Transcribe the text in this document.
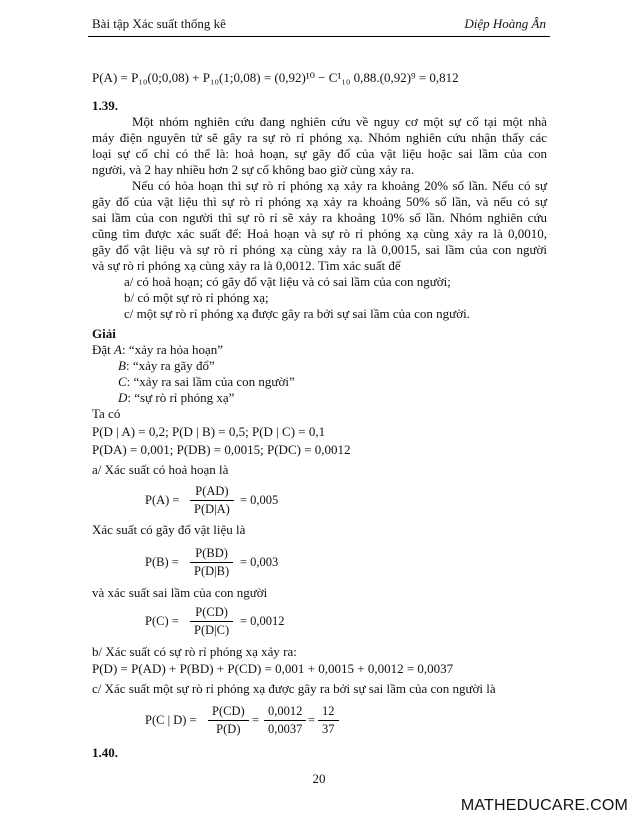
Bài tập Xác suất thống kê	Diệp Hoàng Ân
P(A) = P₁₀(0;0,08) + P₁₀(1;0,08) = (0,92)¹⁰ − C¹₁₀ 0,88.(0,92)⁹ = 0,812
1.39.
Một nhóm nghiên cứu đang nghiên cứu về nguy cơ một sự cố tại một nhà
máy điện nguyên tử sẽ gây ra sự rò rỉ phóng xạ. Nhóm nghiên cứu nhận thấy các
loại sự cố chỉ có thể là: hoả hoạn, sự gãy đổ của vật liệu hoặc sai lầm của con
người, và 2 hay nhiều hơn 2 sự cố không bao giờ cùng xảy ra.
Nếu có hỏa hoạn thì sự rò rỉ phóng xạ xảy ra khoảng 20% số lần. Nếu có sự
gãy đổ của vật liệu thì sự rò rỉ phóng xạ xảy ra khoảng 50% số lần, và nếu có sự
sai lầm của con người thì sự rò rỉ sẽ xảy ra khoảng 10% số lần. Nhóm nghiên cứu
cũng tìm được xác suất để: Hoả hoạn và sự rò rỉ phóng xạ cùng xảy ra là 0,0010,
gãy đổ vật liệu và sự rò rỉ phóng xạ cùng xảy ra là 0,0015, sai lầm của con người
và sự rò rỉ phóng xạ cùng xảy ra là 0,0012. Tìm xác suất để
a/ có hoả hoạn; có gãy đổ vật liệu và có sai lầm của con người;
b/ có một sự rò rỉ phóng xạ;
c/ một sự rò rỉ phóng xạ được gây ra bởi sự sai lầm của con người.
Giải
Đặt A: “xảy ra hỏa hoạn”
B: “xảy ra gãy đổ”
C: “xảy ra sai lầm của con người”
D: “sự rò rỉ phóng xạ”
Ta có
P(D | A) = 0,2; P(D | B) = 0,5; P(D | C) = 0,1
P(DA) = 0,001; P(DB) = 0,0015; P(DC) = 0,0012
a/ Xác suất có hoả hoạn là
$P(A) = \frac{P(AD)}{P(D|A)} = 0,005$
Xác suất có gãy đổ vật liệu là
$P(B) = \frac{P(BD)}{P(D|B)} = 0,003$
và xác suất sai lầm của con người
$P(C) = \frac{P(CD)}{P(D|C)} = 0,0012$
b/ Xác suất có sự rò rỉ phóng xạ xảy ra:
P(D) = P(AD) + P(BD) + P(CD) = 0,001 + 0,0015 + 0,0012 = 0,0037
c/ Xác suất một sự rò rỉ phóng xạ được gây ra bởi sự sai lầm của con người là
P(C | $D) = \frac{P(CD)}{P(D)} = \frac{0,0012}{0,0037} = \frac{12}{37}$
1.40.
20
MATHEDUCARE.COM
